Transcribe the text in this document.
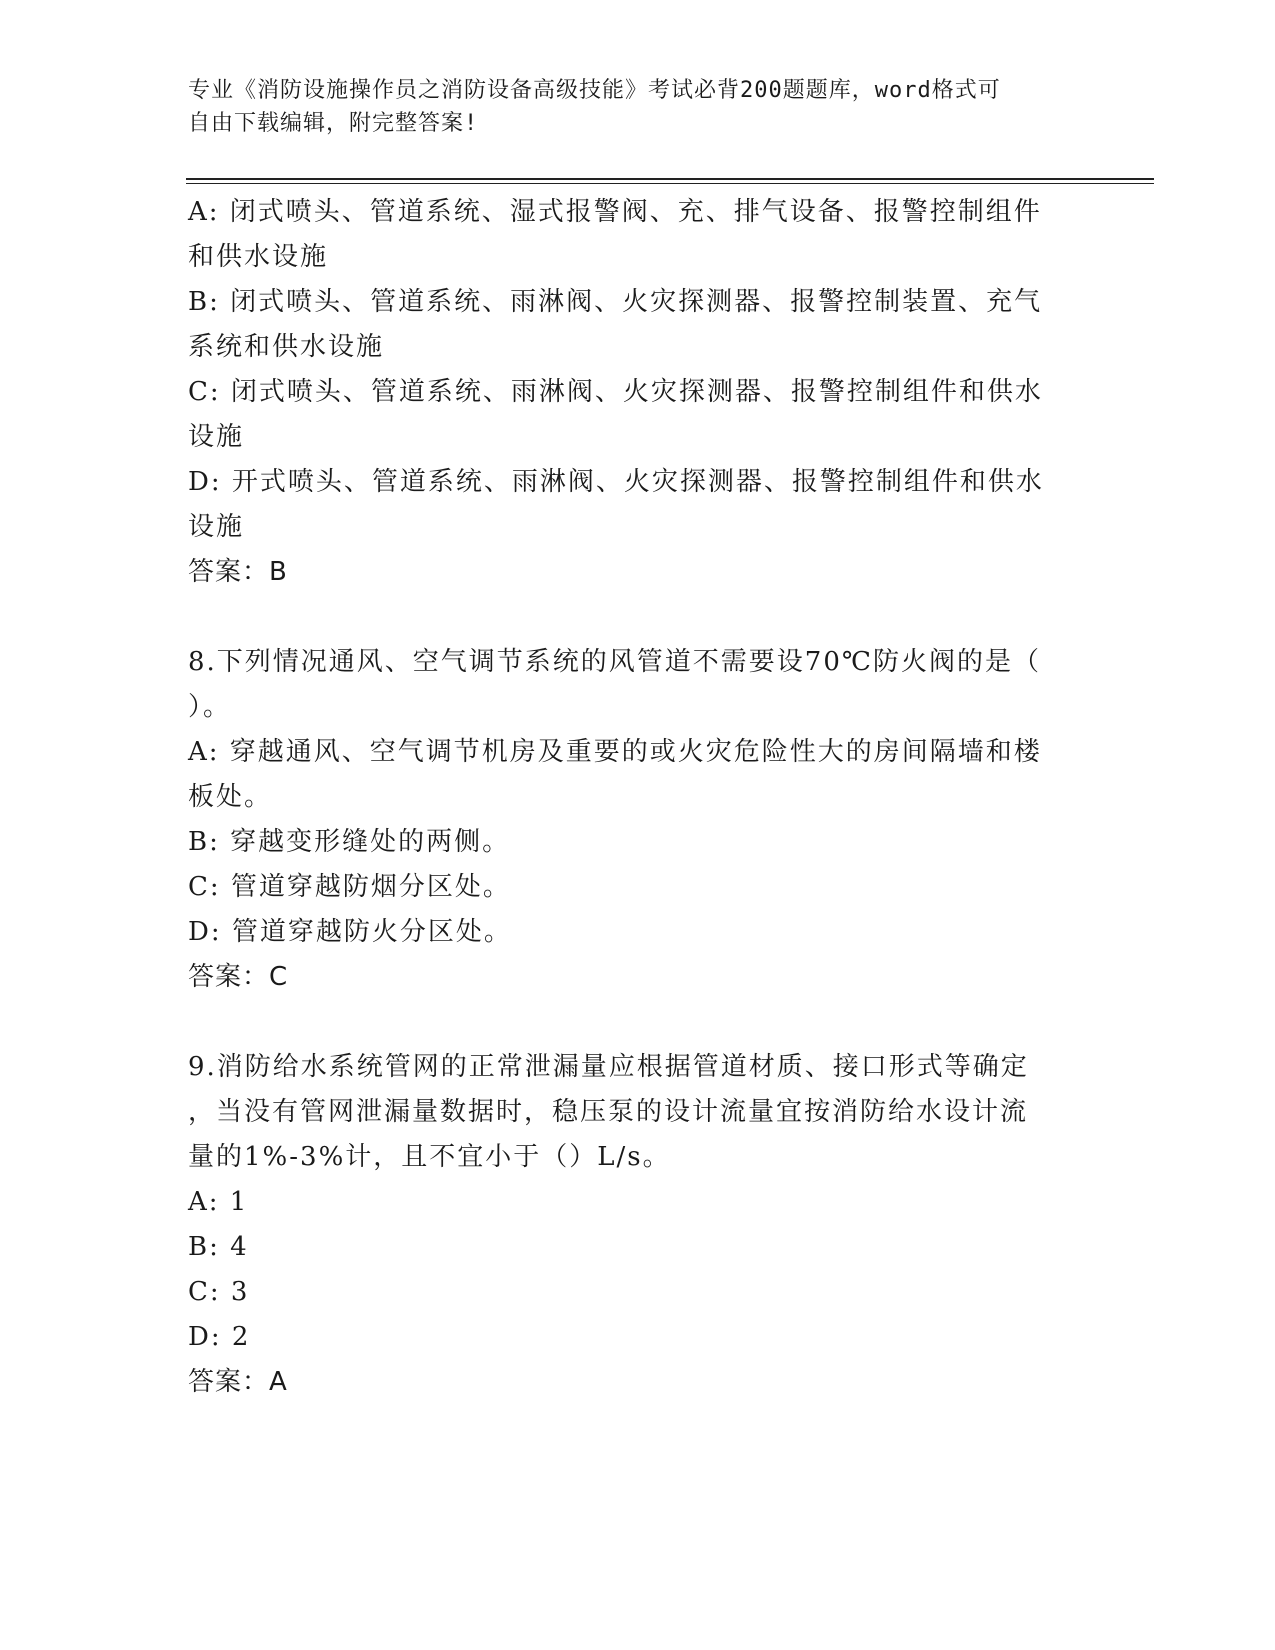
专业《消防设施操作员之消防设备高级技能》考试必背200题题库，word格式可
自由下载编辑，附完整答案!
A: 闭式喷头、管道系统、湿式报警阀、充、排气设备、报警控制组件
和供水设施
B: 闭式喷头、管道系统、雨淋阀、火灾探测器、报警控制装置、充气
系统和供水设施
C: 闭式喷头、管道系统、雨淋阀、火灾探测器、报警控制组件和供水
设施
D: 开式喷头、管道系统、雨淋阀、火灾探测器、报警控制组件和供水
设施
答案：B
8.下列情况通风、空气调节系统的风管道不需要设70℃防火阀的是（
）。
A: 穿越通风、空气调节机房及重要的或火灾危险性大的房间隔墙和楼
板处。
B: 穿越变形缝处的两侧。
C: 管道穿越防烟分区处。
D: 管道穿越防火分区处。
答案：C
9.消防给水系统管网的正常泄漏量应根据管道材质、接口形式等确定
，当没有管网泄漏量数据时，稳压泵的设计流量宜按消防给水设计流
量的1%-3%计，且不宜小于（）L/s。
A: 1
B: 4
C: 3
D: 2
答案：A
